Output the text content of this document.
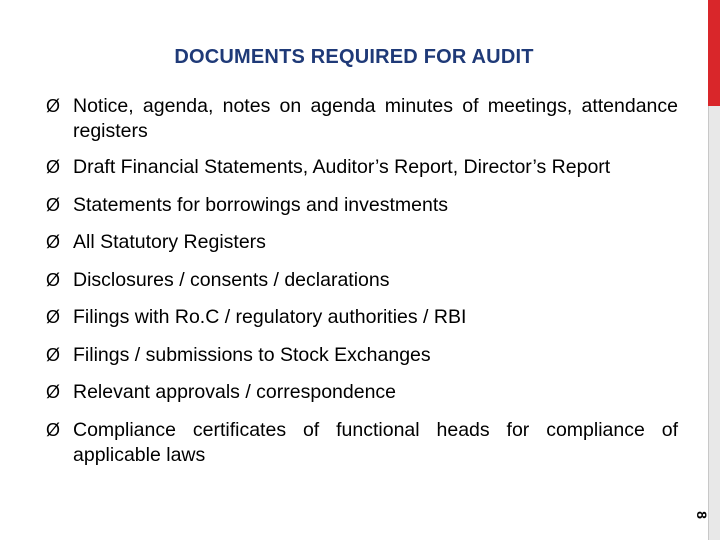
DOCUMENTS REQUIRED FOR AUDIT
Ø Notice, agenda, notes on agenda minutes of meetings, attendance registers
Ø Draft Financial Statements, Auditor’s Report, Director’s Report
Ø Statements for borrowings and investments
Ø All Statutory Registers
Ø Disclosures / consents / declarations
Ø Filings with Ro.C / regulatory authorities / RBI
Ø Filings / submissions to Stock Exchanges
Ø Relevant approvals / correspondence
Ø Compliance certificates of functional heads for compliance of applicable laws
8
